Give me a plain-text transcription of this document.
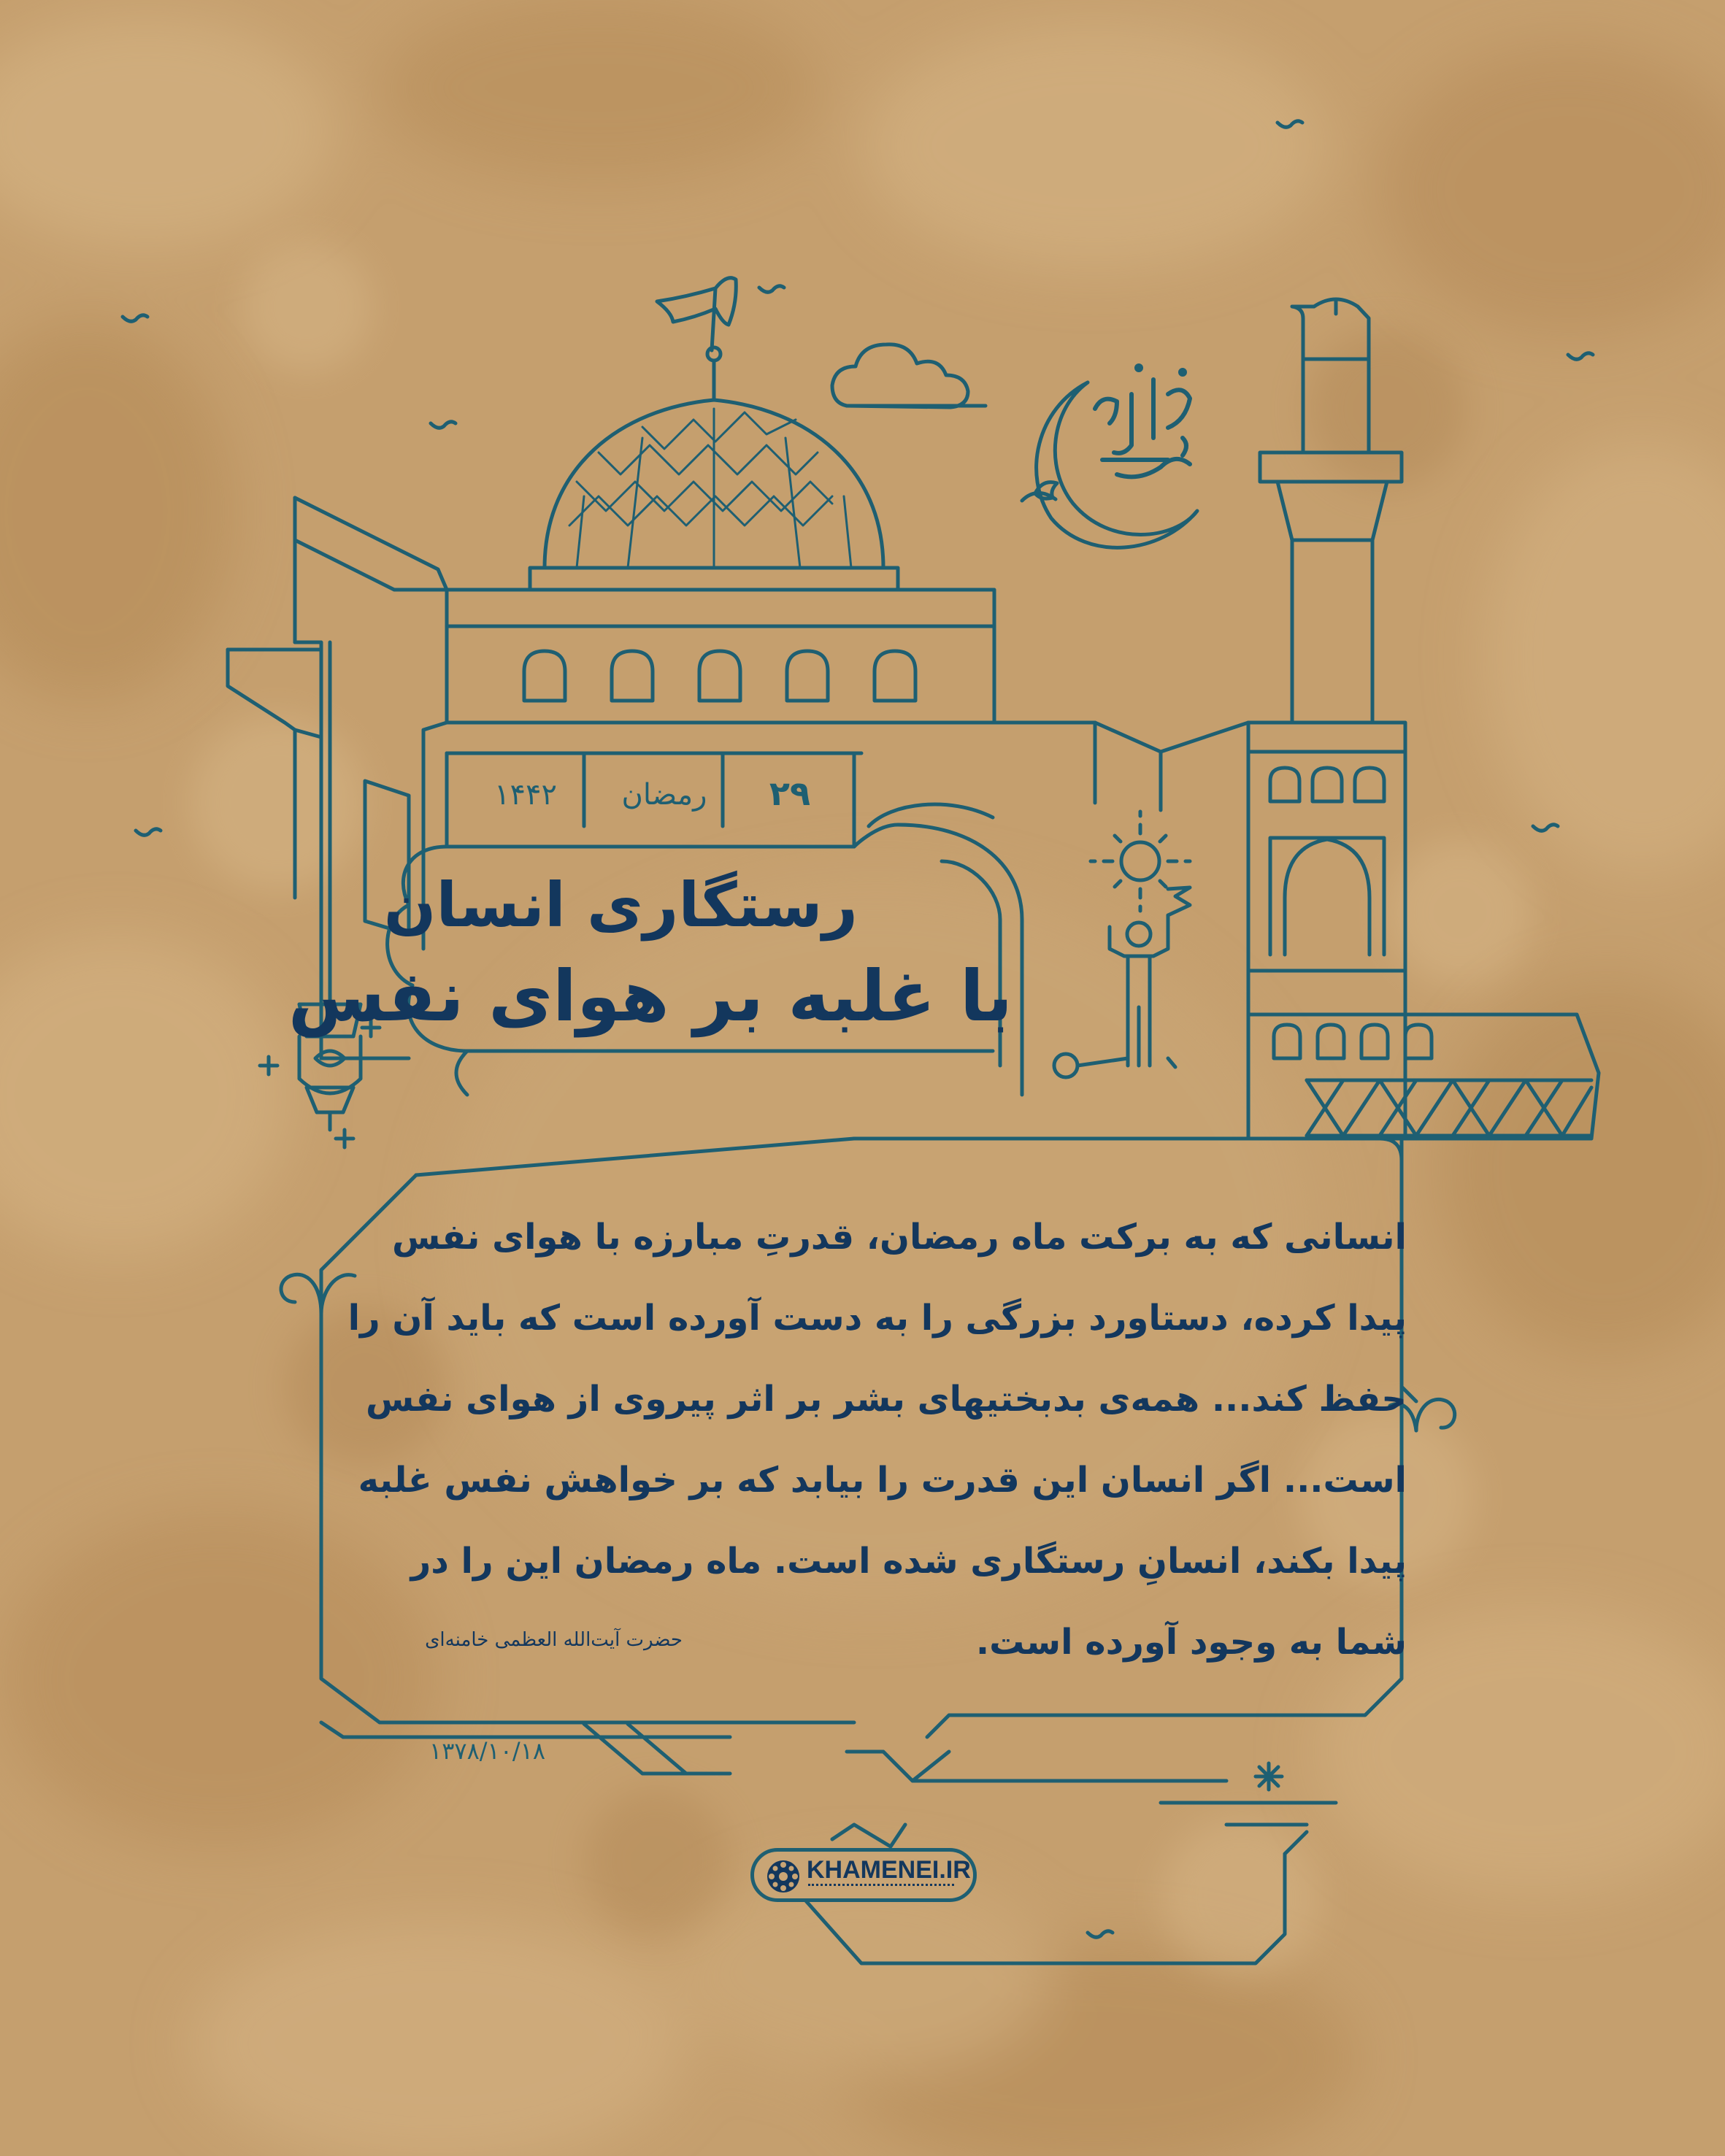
۲۹
رمضان
۱۴۴۲
رستگاری انسان
با غلبه بر هوای نفس
انسانی که به برکت ماه رمضان، قدرتِ مبارزه با هوای نفس
پیدا کرده، دستاورد بزرگی را به دست آورده است که باید آن را
حفظ کند... همه‌ی بدبختیهای بشر بر اثر پیروی از هوای نفس
است... اگر انسان این قدرت را بیابد که بر خواهش نفس غلبه
پیدا بکند، انسانِ رستگاری شده است. ماه رمضان این را در
شما به وجود آورده است.
حضرت آیت‌الله العظمی خامنه‌ای
۱۳۷۸/۱۰/۱۸
KHAMENEI.IR
